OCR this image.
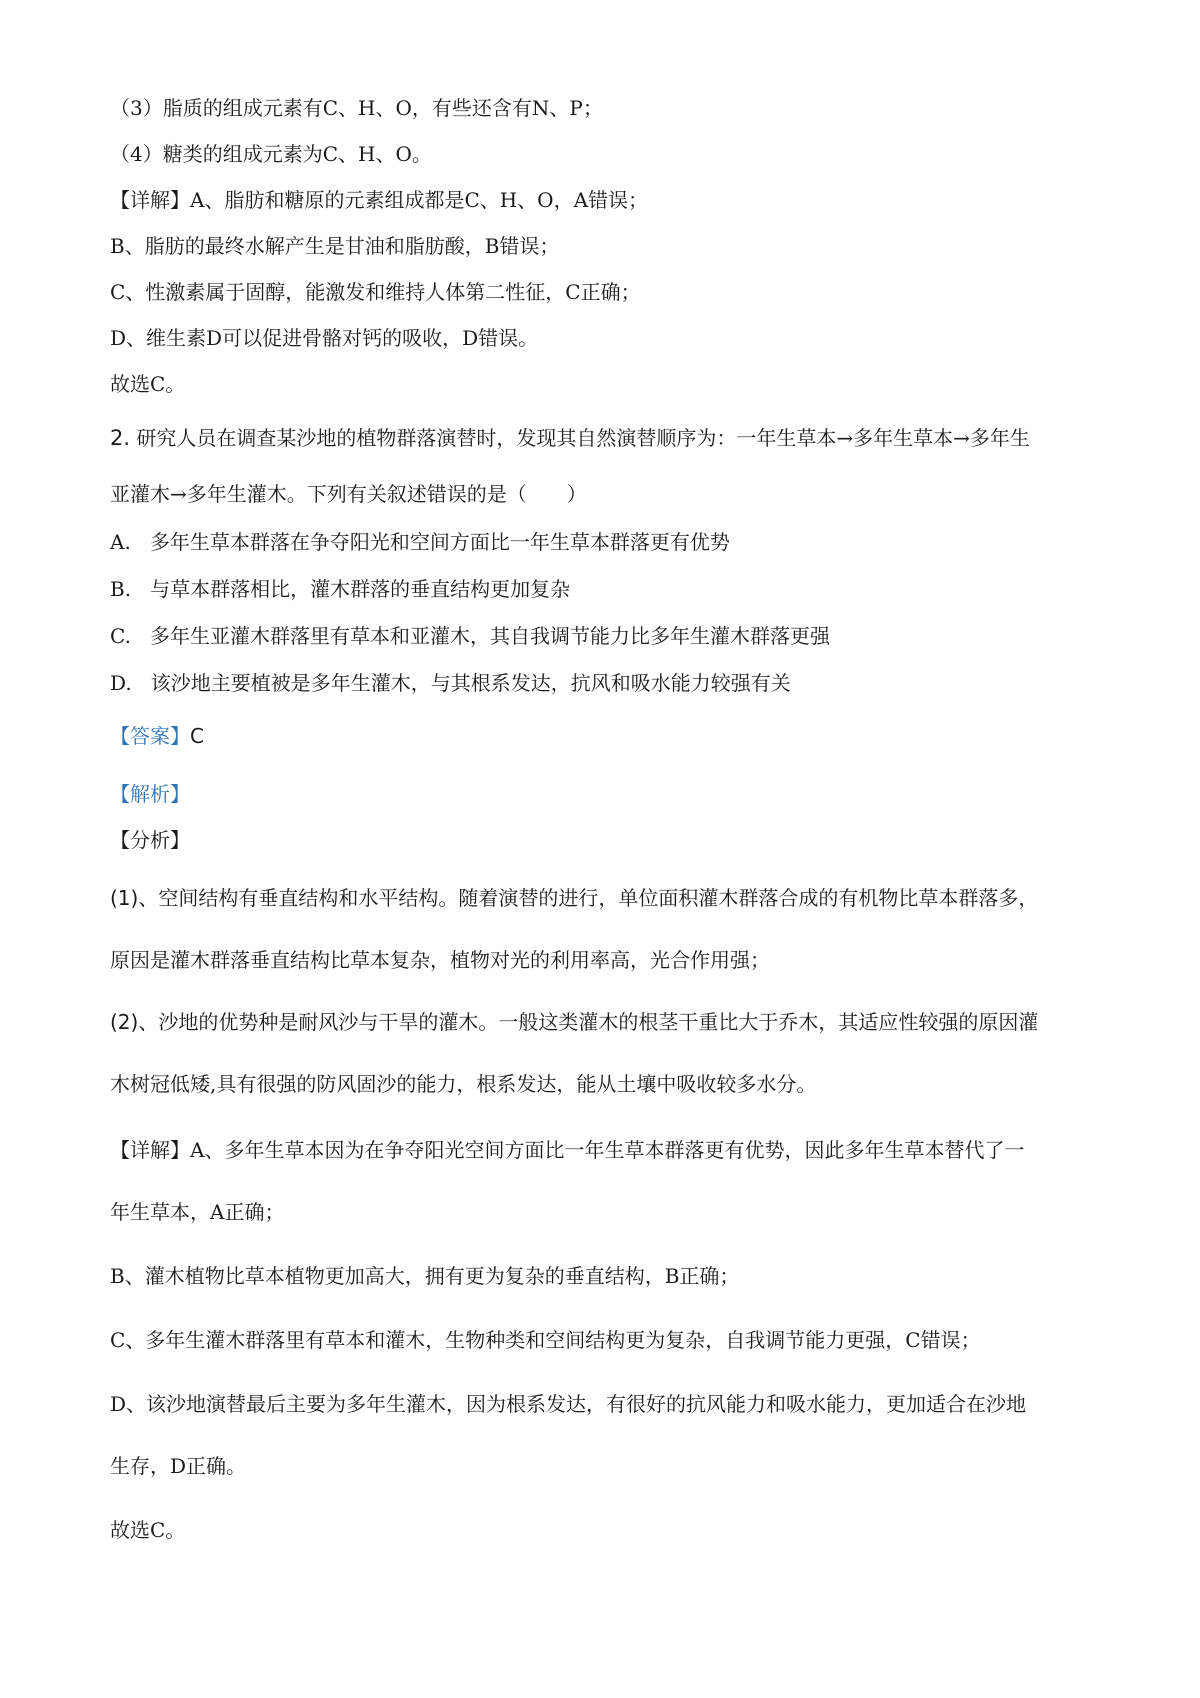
（3）脂质的组成元素有C、H、O，有些还含有N、P；
（4）糖类的组成元素为C、H、O。
【详解】A、脂肪和糖原的元素组成都是C、H、O，A错误；
B、脂肪的最终水解产生是甘油和脂肪酸，B错误；
C、性激素属于固醇，能激发和维持人体第二性征，C正确；
D、维生素D可以促进骨骼对钙的吸收，D错误。
故选C。
2. 研究人员在调查某沙地的植物群落演替时，发现其自然演替顺序为：一年生草本→多年生草本→多年生
亚灌木→多年生灌木。下列有关叙述错误的是（　　）
A. 多年生草本群落在争夺阳光和空间方面比一年生草本群落更有优势
B. 与草本群落相比，灌木群落的垂直结构更加复杂
C. 多年生亚灌木群落里有草本和亚灌木，其自我调节能力比多年生灌木群落更强
D. 该沙地主要植被是多年生灌木，与其根系发达，抗风和吸水能力较强有关
【答案】C
【解析】
【分析】
(1)、空间结构有垂直结构和水平结构。随着演替的进行，单位面积灌木群落合成的有机物比草本群落多，
原因是灌木群落垂直结构比草本复杂，植物对光的利用率高，光合作用强；
(2)、沙地的优势种是耐风沙与干旱的灌木。一般这类灌木的根茎干重比大于乔木，其适应性较强的原因灌
木树冠低矮,具有很强的防风固沙的能力，根系发达，能从土壤中吸收较多水分。
【详解】A、多年生草本因为在争夺阳光空间方面比一年生草本群落更有优势，因此多年生草本替代了一
年生草本，A正确；
B、灌木植物比草本植物更加高大，拥有更为复杂的垂直结构，B正确；
C、多年生灌木群落里有草本和灌木，生物种类和空间结构更为复杂，自我调节能力更强，C错误；
D、该沙地演替最后主要为多年生灌木，因为根系发达，有很好的抗风能力和吸水能力，更加适合在沙地
生存，D正确。
故选C。
